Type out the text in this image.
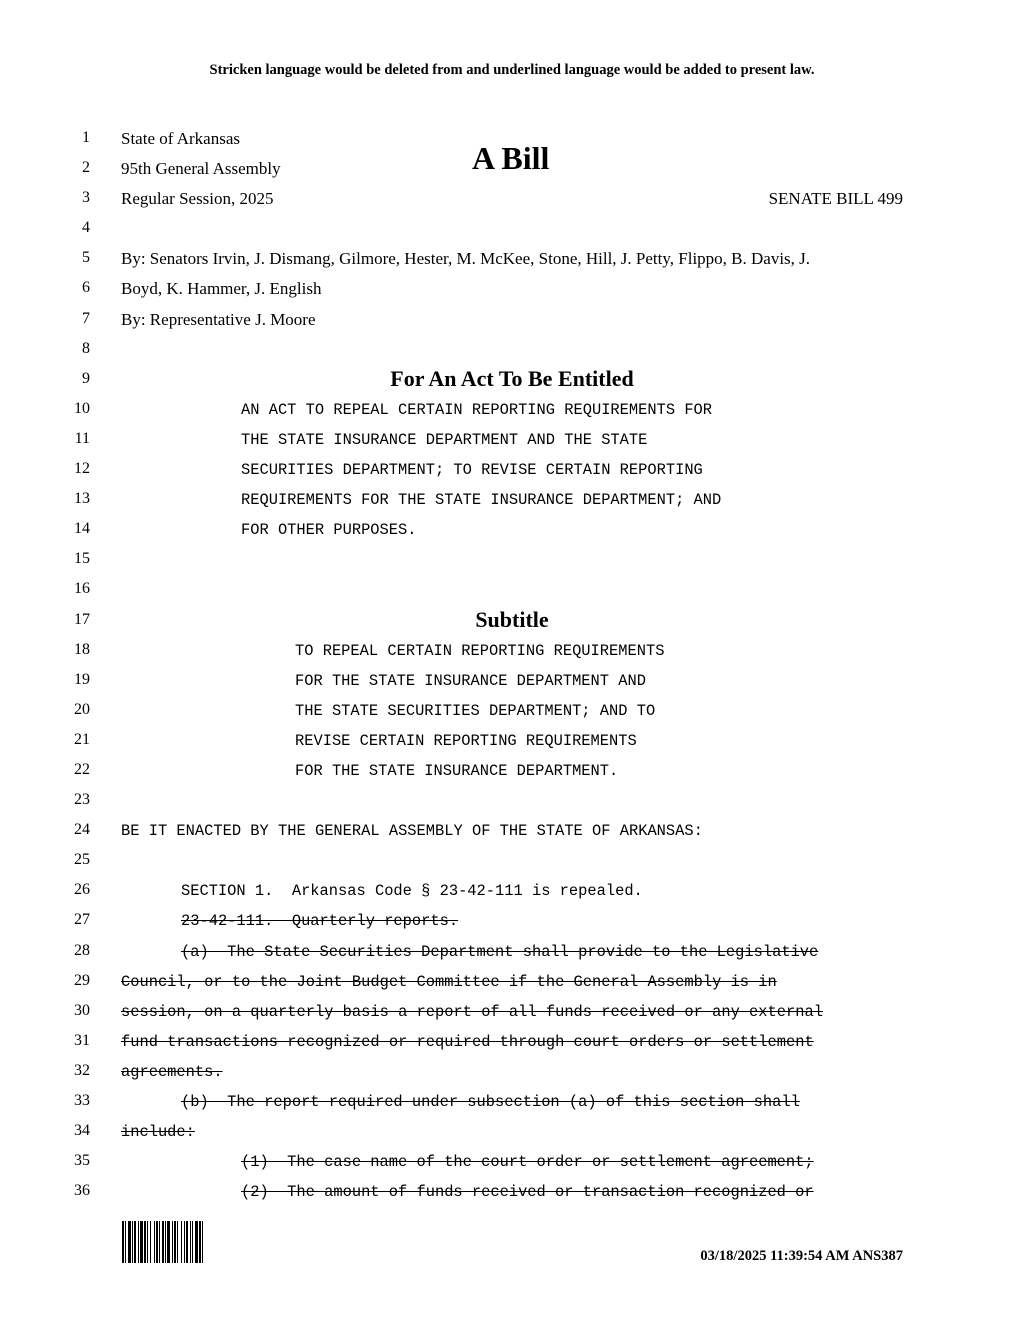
Stricken language would be deleted from and underlined language would be added to present law.
1 State of Arkansas
2 95th General Assembly	A Bill
3 Regular Session, 2025	SENATE BILL 499
4
5 By: Senators Irvin, J. Dismang, Gilmore, Hester, M. McKee, Stone, Hill, J. Petty, Flippo, B. Davis, J.
6 Boyd, K. Hammer, J. English
7 By: Representative J. Moore
8
9	For An Act To Be Entitled
10	AN ACT TO REPEAL CERTAIN REPORTING REQUIREMENTS FOR
11	THE STATE INSURANCE DEPARTMENT AND THE STATE
12	SECURITIES DEPARTMENT; TO REVISE CERTAIN REPORTING
13	REQUIREMENTS FOR THE STATE INSURANCE DEPARTMENT; AND
14	FOR OTHER PURPOSES.
15
16
17	Subtitle
18	TO REPEAL CERTAIN REPORTING REQUIREMENTS
19	FOR THE STATE INSURANCE DEPARTMENT AND
20	THE STATE SECURITIES DEPARTMENT; AND TO
21	REVISE CERTAIN REPORTING REQUIREMENTS
22	FOR THE STATE INSURANCE DEPARTMENT.
23
24 BE IT ENACTED BY THE GENERAL ASSEMBLY OF THE STATE OF ARKANSAS:
25
26	SECTION 1.  Arkansas Code § 23-42-111 is repealed.
27	23-42-111.  Quarterly reports.
28	(a)  The State Securities Department shall provide to the Legislative
29 Council, or to the Joint Budget Committee if the General Assembly is in
30 session, on a quarterly basis a report of all funds received or any external
31 fund transactions recognized or required through court orders or settlement
32 agreements.
33	(b)  The report required under subsection (a) of this section shall
34 include:
35	(1)  The case name of the court order or settlement agreement;
36	(2)  The amount of funds received or transaction recognized or
03/18/2025 11:39:54 AM ANS387
